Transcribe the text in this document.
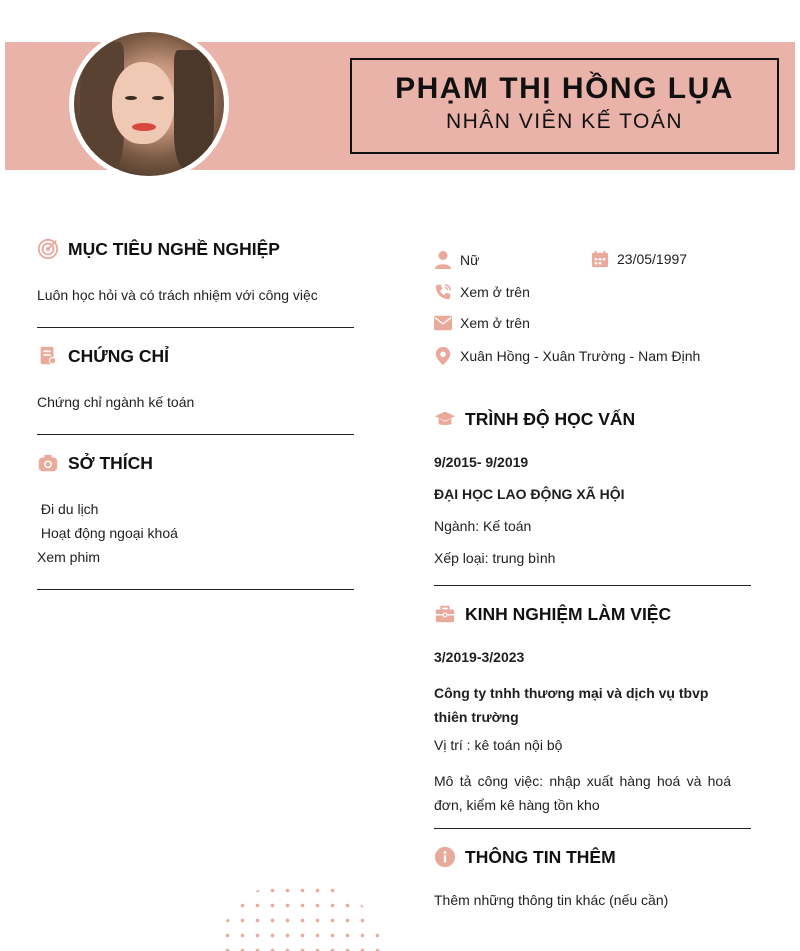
PHẠM THỊ HỒNG LỤA
NHÂN VIÊN KẾ TOÁN
MỤC TIÊU NGHỀ NGHIỆP
Luôn học hỏi và có trách nhiệm với công việc
CHỨNG CHỈ
Chứng chỉ ngành kế toán
SỞ THÍCH
Đi du lịch
Hoạt động ngoại khoá
Xem phim
Nữ	23/05/1997
Xem ở trên
Xem ở trên
Xuân Hồng - Xuân Trường - Nam Định
TRÌNH ĐỘ HỌC VẤN
9/2015- 9/2019
ĐẠI HỌC LAO ĐỘNG XÃ HỘI
Ngành: Kế toán
Xếp loại: trung bình
KINH NGHIỆM LÀM VIỆC
3/2019-3/2023
Công ty tnhh thương mại và dịch vụ tbvp thiên trường
Vị trí : kê toán nội bộ
Mô tả công việc: nhập xuất hàng hoá và hoá đơn, kiểm kê hàng tồn kho
THÔNG TIN THÊM
Thêm những thông tin khác (nếu cần)
